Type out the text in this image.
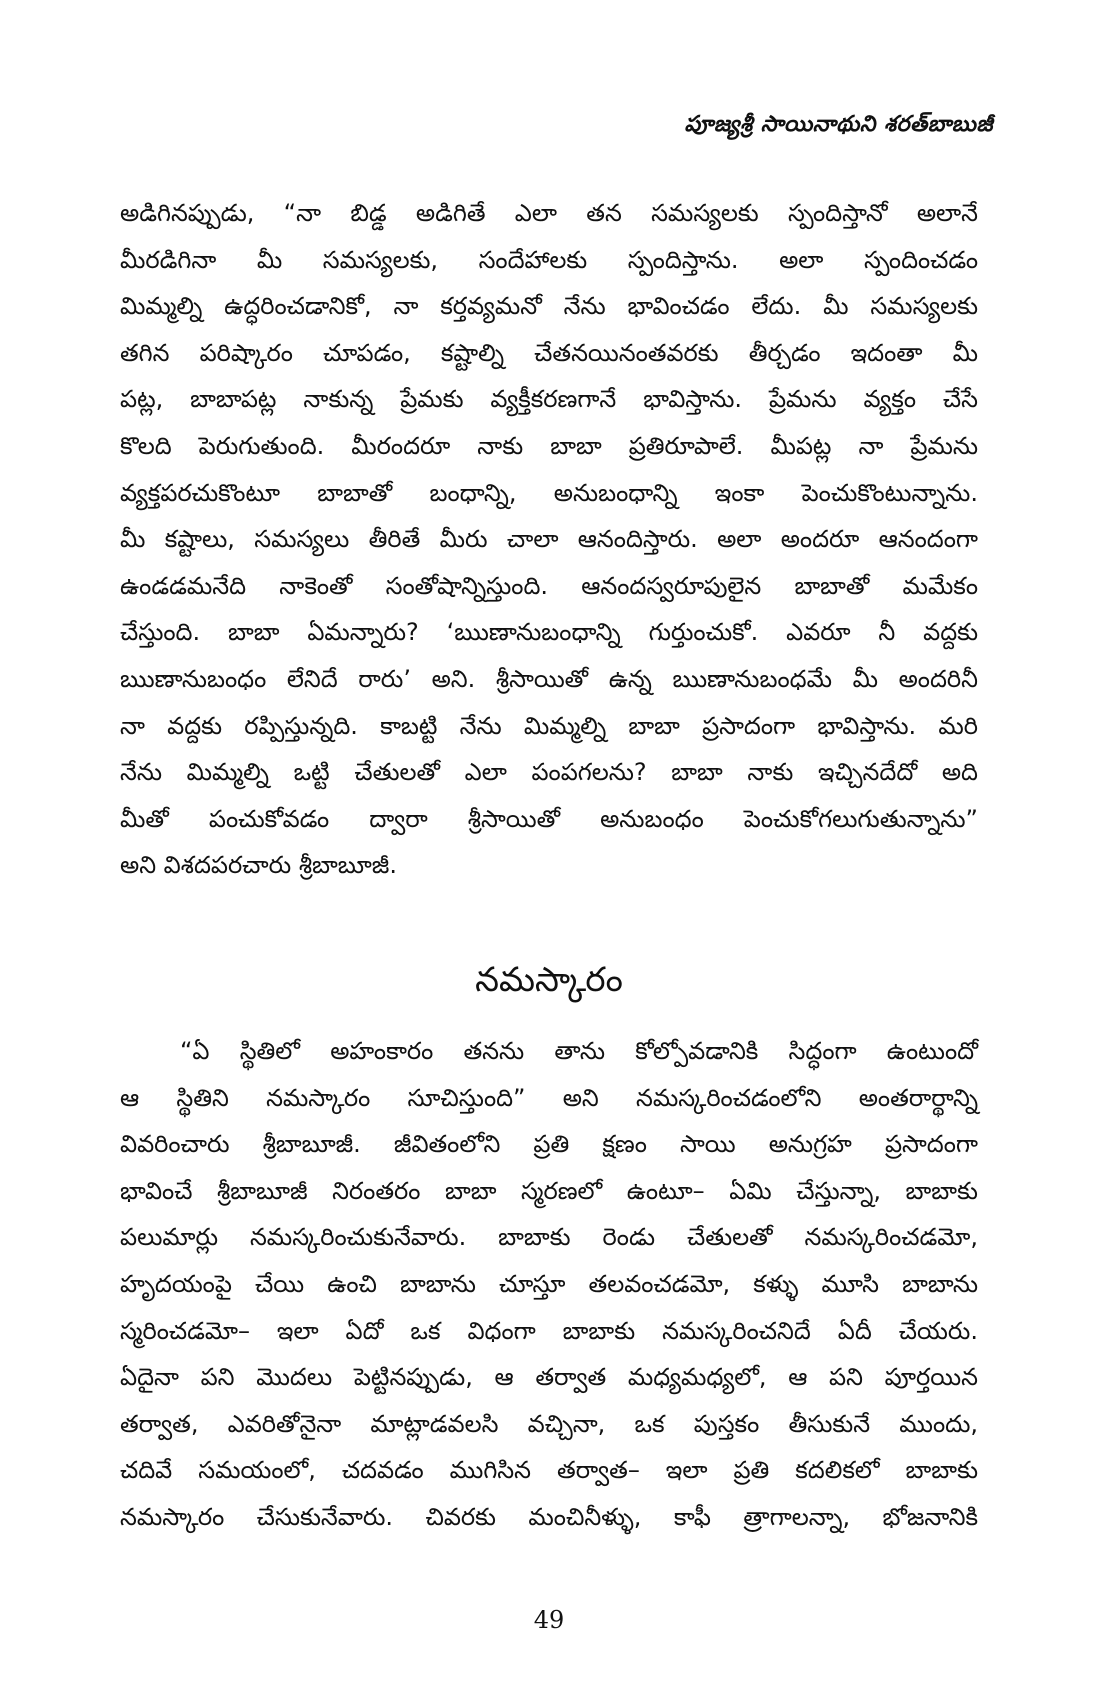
పూజ్యశ్రీ సాయినాథుని శరత్‌బాబుజీ
అడిగినప్పుడు, “నా బిడ్డ అడిగితే ఎలా తన సమస్యలకు స్పందిస్తానో అలానే
మీరడిగినా మీ సమస్యలకు, సందేహాలకు స్పందిస్తాను. అలా స్పందించడం
మిమ్మల్ని ఉద్ధరించడానికో, నా కర్తవ్యమనో నేను భావించడం లేదు. మీ సమస్యలకు
తగిన పరిష్కారం చూపడం, కష్టాల్ని చేతనయినంతవరకు తీర్చడం ఇదంతా మీ
పట్ల, బాబాపట్ల నాకున్న ప్రేమకు వ్యక్తీకరణగానే భావిస్తాను. ప్రేమను వ్యక్తం చేసే
కొలది పెరుగుతుంది. మీరందరూ నాకు బాబా ప్రతిరూపాలే. మీపట్ల నా ప్రేమను
వ్యక్తపరచుకొంటూ బాబాతో బంధాన్ని, అనుబంధాన్ని ఇంకా పెంచుకొంటున్నాను.
మీ కష్టాలు, సమస్యలు తీరితే మీరు చాలా ఆనందిస్తారు. అలా అందరూ ఆనందంగా
ఉండడమనేది నాకెంతో సంతోషాన్నిస్తుంది. ఆనందస్వరూపులైన బాబాతో మమేకం
చేస్తుంది. బాబా ఏమన్నారు? ‘ఋణానుబంధాన్ని గుర్తుంచుకో. ఎవరూ నీ వద్దకు
ఋణానుబంధం లేనిదే రారు’ అని. శ్రీసాయితో ఉన్న ఋణానుబంధమే మీ అందరినీ
నా వద్దకు రప్పిస్తున్నది. కాబట్టి నేను మిమ్మల్ని బాబా ప్రసాదంగా భావిస్తాను. మరి
నేను మిమ్మల్ని ఒట్టి చేతులతో ఎలా పంపగలను? బాబా నాకు ఇచ్చినదేదో అది
మీతో పంచుకోవడం ద్వారా శ్రీసాయితో అనుబంధం పెంచుకోగలుగుతున్నాను”
అని విశదపరచారు శ్రీబాబూజీ.
నమస్కారం
“ఏ స్థితిలో అహంకారం తనను తాను కోల్పోవడానికి సిద్ధంగా ఉంటుందో
ఆ స్థితిని నమస్కారం సూచిస్తుంది” అని నమస్కరించడంలోని అంతరార్థాన్ని
వివరించారు శ్రీబాబూజీ. జీవితంలోని ప్రతి క్షణం సాయి అనుగ్రహ ప్రసాదంగా
భావించే శ్రీబాబూజీ నిరంతరం బాబా స్మరణలో ఉంటూ– ఏమి చేస్తున్నా, బాబాకు
పలుమార్లు నమస్కరించుకునేవారు. బాబాకు రెండు చేతులతో నమస్కరించడమో,
హృదయంపై చేయి ఉంచి బాబాను చూస్తూ తలవంచడమో, కళ్ళు మూసి బాబాను
స్మరించడమో– ఇలా ఏదో ఒక విధంగా బాబాకు నమస్కరించనిదే ఏదీ చేయరు.
ఏదైనా పని మొదలు పెట్టినప్పుడు, ఆ తర్వాత మధ్యమధ్యలో, ఆ పని పూర్తయిన
తర్వాత, ఎవరితోనైనా మాట్లాడవలసి వచ్చినా, ఒక పుస్తకం తీసుకునే ముందు,
చదివే సమయంలో, చదవడం ముగిసిన తర్వాత– ఇలా ప్రతి కదలికలో బాబాకు
నమస్కారం చేసుకునేవారు. చివరకు మంచినీళ్ళు, కాఫీ త్రాగాలన్నా, భోజనానికి
49
